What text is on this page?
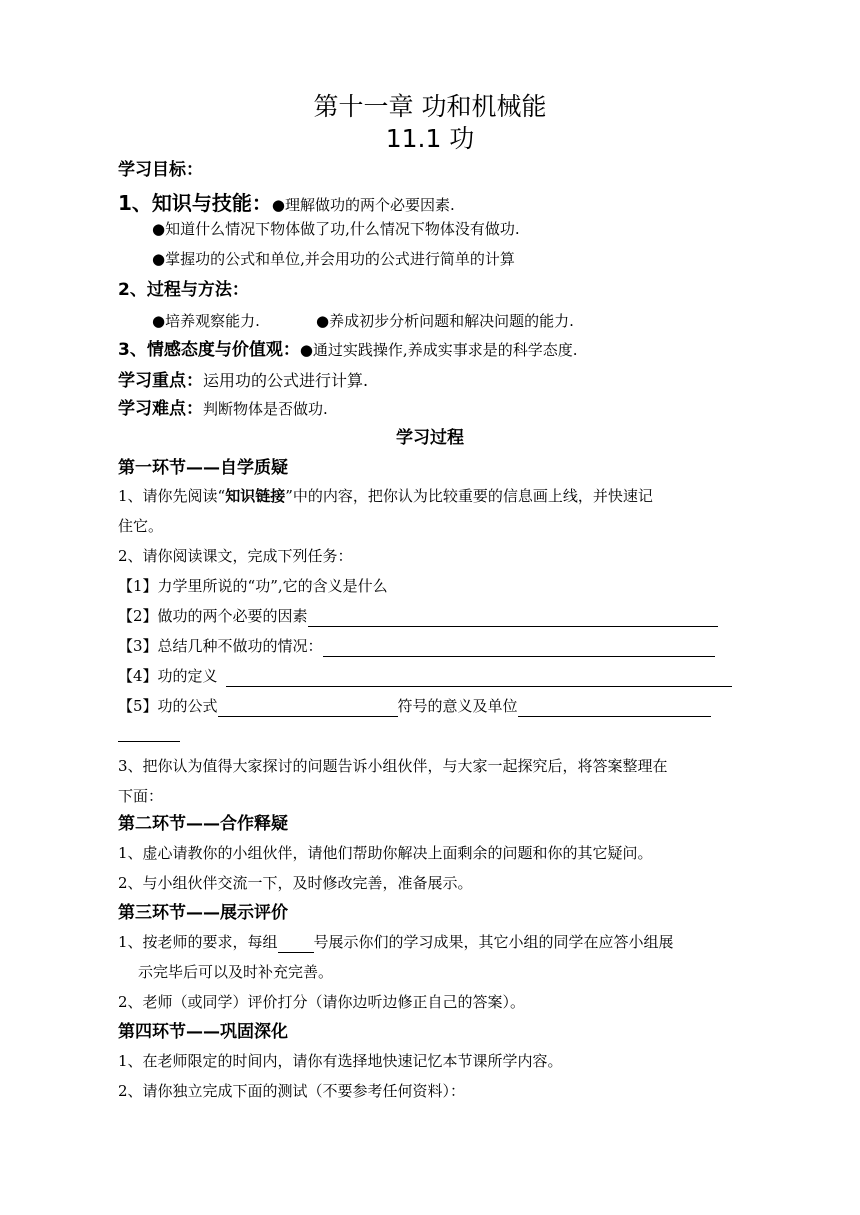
第十一章 功和机械能
11.1 功
学习目标：
1、知识与技能：●理解做功的两个必要因素.
●知道什么情况下物体做了功,什么情况下物体没有做功.
●掌握功的公式和单位,并会用功的公式进行简单的计算
2、过程与方法：
●培养观察能力.	●养成初步分析问题和解决问题的能力.
3、情感态度与价值观：●通过实践操作,养成实事求是的科学态度.
学习重点：运用功的公式进行计算.
学习难点：判断物体是否做功.
学习过程
第一环节——自学质疑
1、请你先阅读“知识链接”中的内容，把你认为比较重要的信息画上线，并快速记
住它。
2、请你阅读课文，完成下列任务：
【1】力学里所说的“功”,它的含义是什么
【2】做功的两个必要的因素
【3】总结几种不做功的情况：
【4】功的定义
【5】功的公式	符号的意义及单位
3、把你认为值得大家探讨的问题告诉小组伙伴，与大家一起探究后，将答案整理在
下面：
第二环节——合作释疑
1、虚心请教你的小组伙伴，请他们帮助你解决上面剩余的问题和你的其它疑问。
2、与小组伙伴交流一下，及时修改完善，准备展示。
第三环节——展示评价
1、按老师的要求，每组 号展示你们的学习成果，其它小组的同学在应答小组展
示完毕后可以及时补充完善。
2、老师（或同学）评价打分（请你边听边修正自己的答案）。
第四环节——巩固深化
1、在老师限定的时间内，请你有选择地快速记忆本节课所学内容。
2、请你独立完成下面的测试（不要参考任何资料）：
